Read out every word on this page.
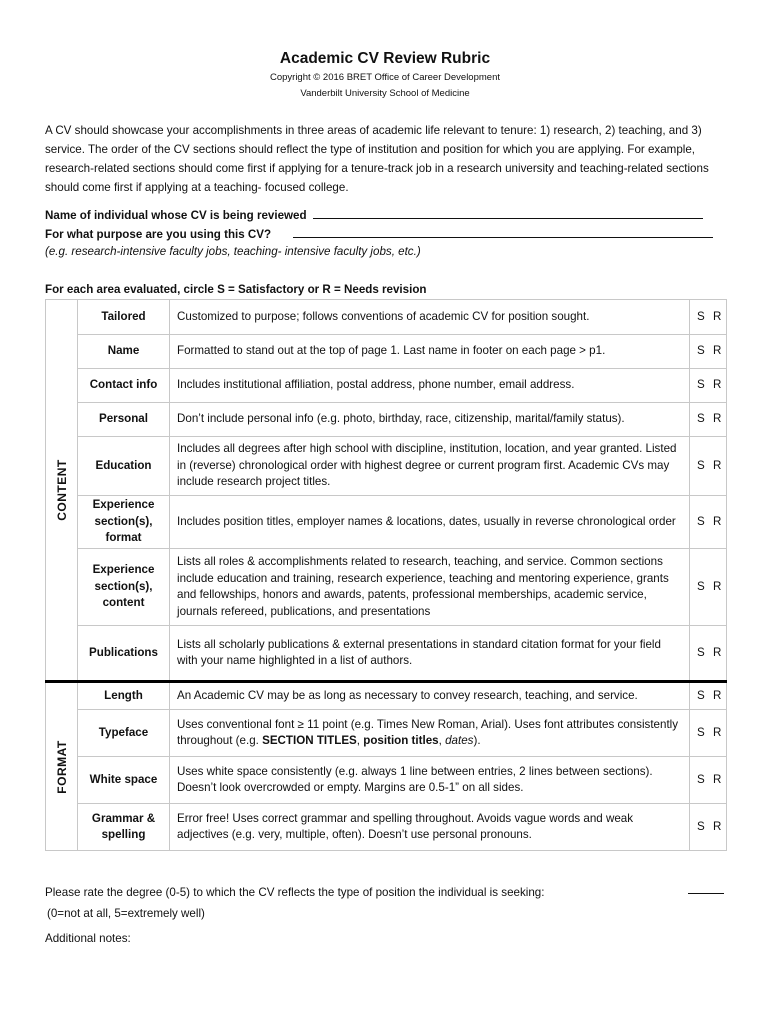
Academic CV Review Rubric
Copyright © 2016 BRET Office of Career Development
Vanderbilt University School of Medicine
A CV should showcase your accomplishments in three areas of academic life relevant to tenure: 1) research, 2) teaching, and 3) service. The order of the CV sections should reflect the type of institution and position for which you are applying. For example, research-related sections should come first if applying for a tenure-track job in a research university and teaching-related sections should come first if applying at a teaching- focused college.
Name of individual whose CV is being reviewed
For what purpose are you using this CV?
(e.g. research-intensive faculty jobs, teaching- intensive faculty jobs, etc.)
For each area evaluated, circle S = Satisfactory or R = Needs revision
CONTENT	Tailored	Customized to purpose; follows conventions of academic CV for position sought.	S R
	Name	Formatted to stand out at the top of page 1. Last name in footer on each page > p1.	S R
	Contact info	Includes institutional affiliation, postal address, phone number, email address.	S R
	Personal	Don’t include personal info (e.g. photo, birthday, race, citizenship, marital/family status).	S R
	Education	Includes all degrees after high school with discipline, institution, location, and year granted. Listed in (reverse) chronological order with highest degree or current program first. Academic CVs may include research project titles.	S R
	Experience section(s), format	Includes position titles, employer names & locations, dates, usually in reverse chronological order	S R
	Experience section(s), content	Lists all roles & accomplishments related to research, teaching, and service. Common sections include education and training, research experience, teaching and mentoring experience, grants and fellowships, honors and awards, patents, professional memberships, academic service, journals refereed, publications, and presentations	S R
	Publications	Lists all scholarly publications & external presentations in standard citation format for your field with your name highlighted in a list of authors.	S R

FORMAT	Length	An Academic CV may be as long as necessary to convey research, teaching, and service.	S R
	Typeface	Uses conventional font ≥ 11 point (e.g. Times New Roman, Arial). Uses font attributes consistently throughout (e.g. SECTION TITLES, position titles, dates).	S R
	White space	Uses white space consistently (e.g. always 1 line between entries, 2 lines between sections). Doesn’t look overcrowded or empty. Margins are 0.5-1” on all sides.	S R
	Grammar & spelling	Error free! Uses correct grammar and spelling throughout. Avoids vague words and weak adjectives (e.g. very, multiple, often). Doesn’t use personal pronouns.	S R
Please rate the degree (0-5) to which the CV reflects the type of position the individual is seeking:
(0=not at all, 5=extremely well)
Additional notes:
